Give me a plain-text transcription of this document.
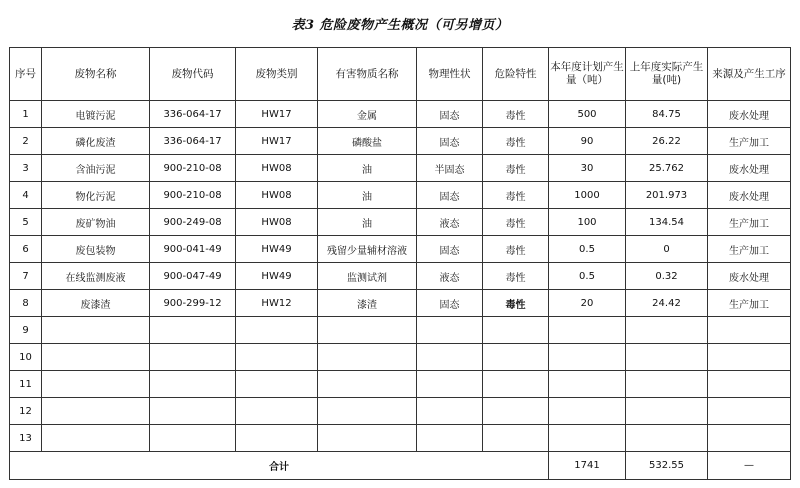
表3 危险废物产生概况（可另增页）
序号	废物名称	废物代码	废物类别	有害物质名称	物理性状	危险特性	本年度计划产生量（吨）	上年度实际产生量(吨)	来源及产生工序
1	电镀污泥	336-064-17	HW17	金属	固态	毒性	500	84.75	废水处理
2	磷化废渣	336-064-17	HW17	磷酸盐	固态	毒性	90	26.22	生产加工
3	含油污泥	900-210-08	HW08	油	半固态	毒性	30	25.762	废水处理
4	物化污泥	900-210-08	HW08	油	固态	毒性	1000	201.973	废水处理
5	废矿物油	900-249-08	HW08	油	液态	毒性	100	134.54	生产加工
6	废包装物	900-041-49	HW49	残留少量辅材溶液	固态	毒性	0.5	0	生产加工
7	在线监测废液	900-047-49	HW49	监测试剂	液态	毒性	0.5	0.32	废水处理
8	废漆渣	900-299-12	HW12	漆渣	固态	毒性	20	24.42	生产加工
9									
10									
11									
12									
13									
合计							1741	532.55	—
